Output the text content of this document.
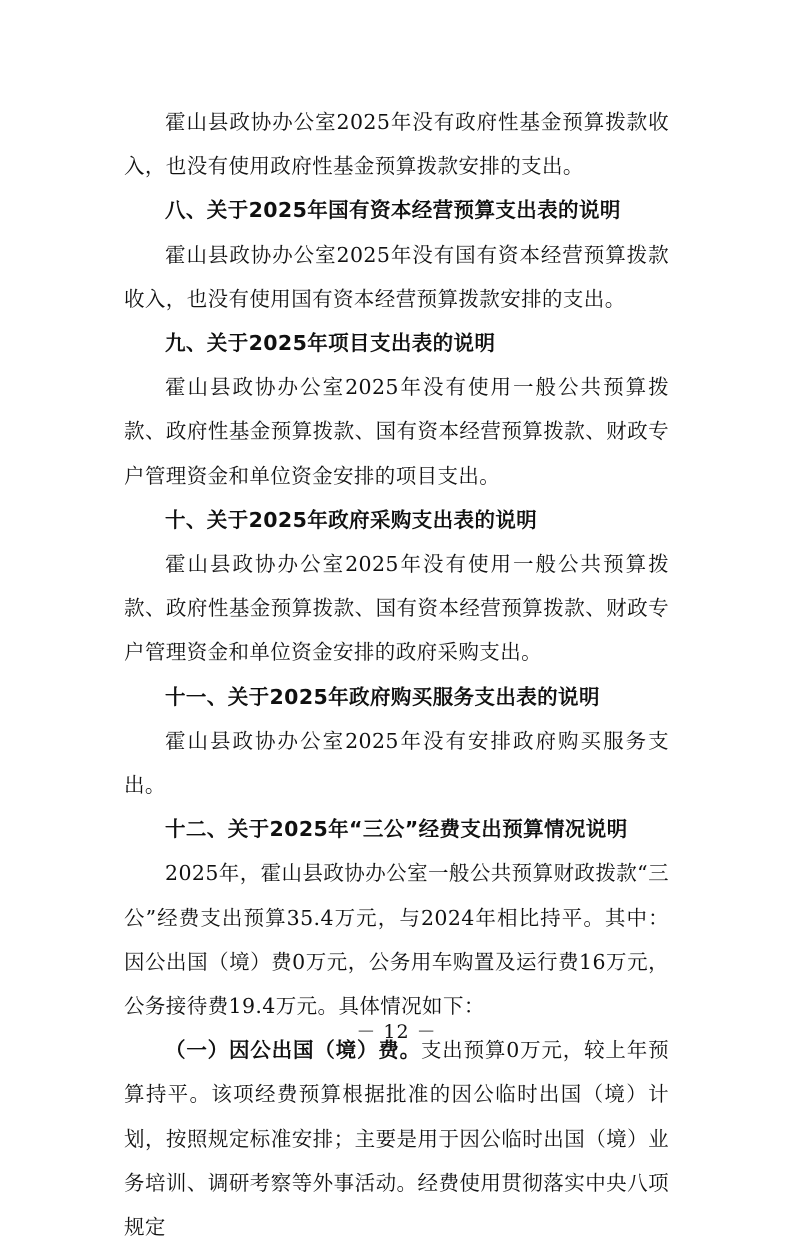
霍山县政协办公室2025年没有政府性基金预算拨款收入，也没有使用政府性基金预算拨款安排的支出。

八、关于2025年国有资本经营预算支出表的说明

霍山县政协办公室2025年没有国有资本经营预算拨款收入，也没有使用国有资本经营预算拨款安排的支出。

九、关于2025年项目支出表的说明

霍山县政协办公室2025年没有使用一般公共预算拨款、政府性基金预算拨款、国有资本经营预算拨款、财政专户管理资金和单位资金安排的项目支出。

十、关于2025年政府采购支出表的说明

霍山县政协办公室2025年没有使用一般公共预算拨款、政府性基金预算拨款、国有资本经营预算拨款、财政专户管理资金和单位资金安排的政府采购支出。

十一、关于2025年政府购买服务支出表的说明

霍山县政协办公室2025年没有安排政府购买服务支出。

十二、关于2025年“三公”经费支出预算情况说明

2025年，霍山县政协办公室一般公共预算财政拨款“三公”经费支出预算35.4万元，与2024年相比持平。其中：因公出国（境）费0万元，公务用车购置及运行费16万元，公务接待费19.4万元。具体情况如下：

（一）因公出国（境）费。支出预算0万元，较上年预算持平。该项经费预算根据批准的因公临时出国（境）计划，按照规定标准安排；主要是用于因公临时出国（境）业务培训、调研考察等外事活动。经费使用贯彻落实中央八项规定

－ 12 －
